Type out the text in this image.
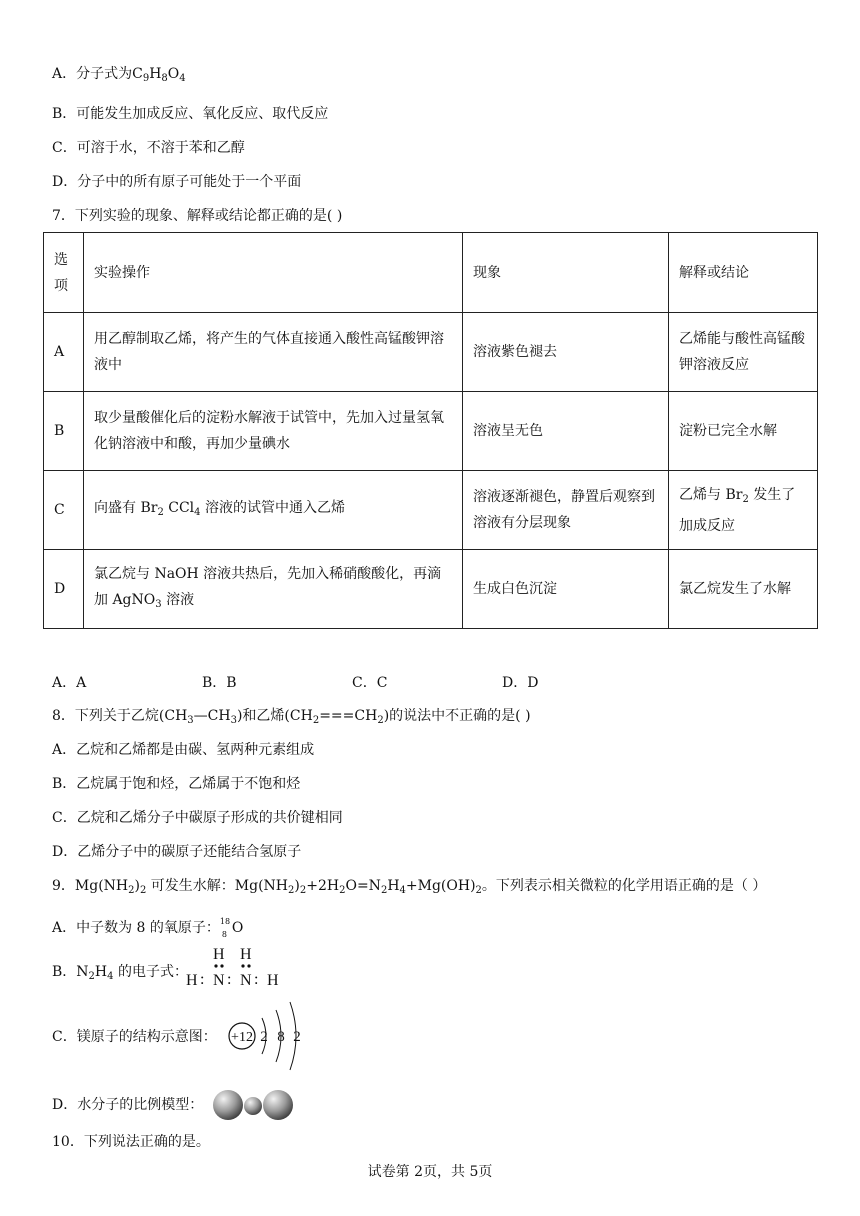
A．分子式为$C_9H_8O_4$
B．可能发生加成反应、氧化反应、取代反应
C．可溶于水，不溶于苯和乙醇
D．分子中的所有原子可能处于一个平面
7．下列实验的现象、解释或结论都正确的是( )
选项	实验操作	现象	解释或结论
A	用乙醇制取乙烯，将产生的气体直接通入酸性高锰酸钾溶液中	溶液紫色褪去	乙烯能与酸性高锰酸钾溶液反应
B	取少量酸催化后的淀粉水解液于试管中，先加入过量氢氧化钠溶液中和酸，再加少量碘水	溶液呈无色	淀粉已完全水解
C	向盛有 $Br_2$ CCl$_4$ 溶液的试管中通入乙烯	溶液逐渐褪色，静置后观察到溶液有分层现象	乙烯与 $Br_2$ 发生了加成反应
D	氯乙烷与 NaOH 溶液共热后，先加入稀硝酸酸化，再滴加 AgNO$_3$ 溶液	生成白色沉淀	氯乙烷发生了水解
A．A	B．B	C．C	D．D
8．下列关于乙烷$(CH_3—CH_3)$和乙烯$(CH_2===CH_2)$的说法中不正确的是( )
A．乙烷和乙烯都是由碳、氢两种元素组成
B．乙烷属于饱和烃，乙烯属于不饱和烃
C．乙烷和乙烯分子中碳原子形成的共价键相同
D．乙烯分子中的碳原子还能结合氢原子
9．$Mg(NH_2)_2$ 可发生水解：$Mg(NH_2)_2+2H_2O=N_2H_4+Mg(OH)_2$。下列表示相关微粒的化学用语正确的是（ ）
A．中子数为 8 的氧原子： 18
8 O
B．$N_2H_4$ 的电子式：
H H
H : N : N : H
C．镁原子的结构示意图： +12 2 8 2
D．水分子的比例模型：
10．下列说法正确的是。
试卷第 2页，共 5页
